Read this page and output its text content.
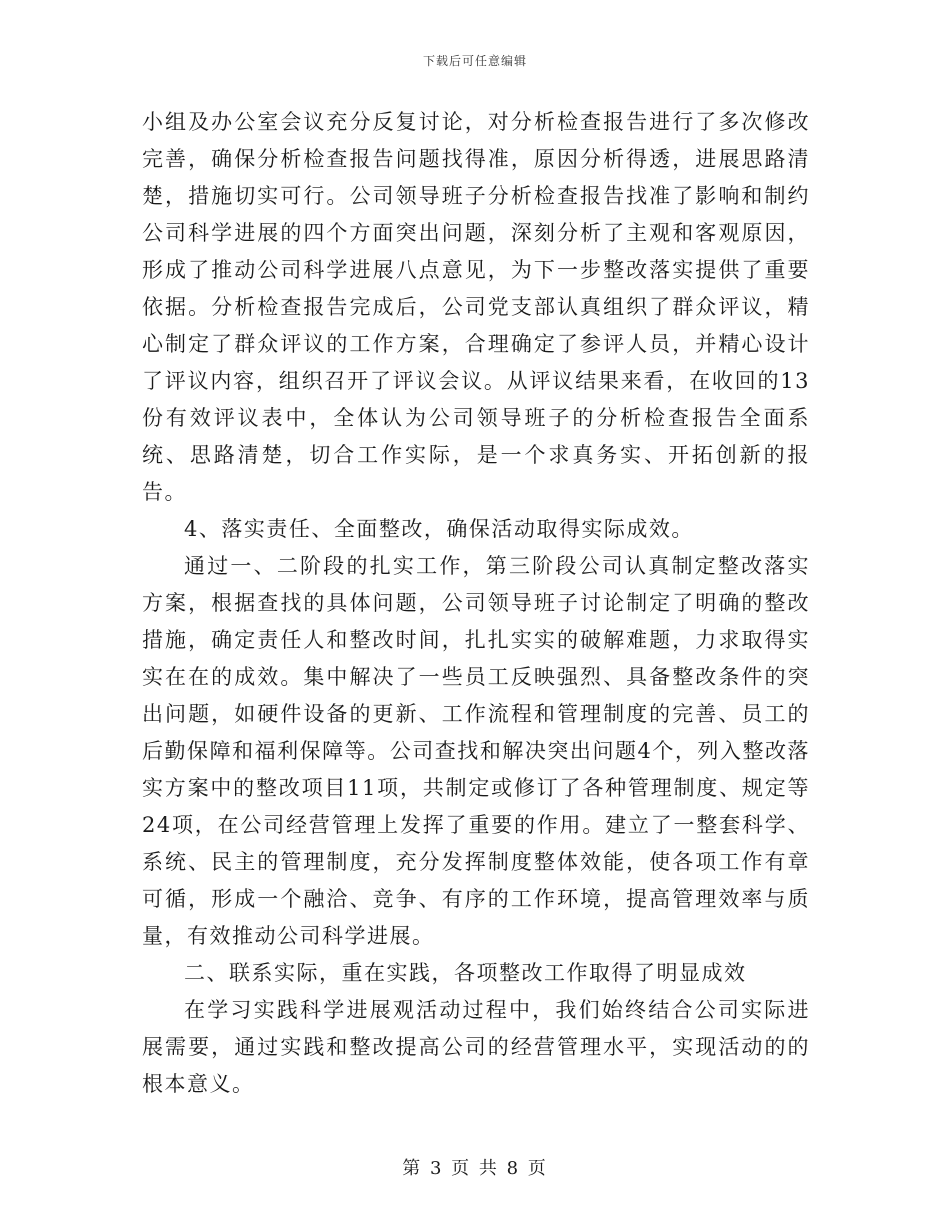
下载后可任意编辑

小组及办公室会议充分反复讨论，对分析检查报告进行了多次修改完善，确保分析检查报告问题找得准，原因分析得透，进展思路清楚，措施切实可行。公司领导班子分析检查报告找准了影响和制约公司科学进展的四个方面突出问题，深刻分析了主观和客观原因，形成了推动公司科学进展八点意见，为下一步整改落实提供了重要依据。分析检查报告完成后，公司党支部认真组织了群众评议，精心制定了群众评议的工作方案，合理确定了参评人员，并精心设计了评议内容，组织召开了评议会议。从评议结果来看，在收回的13份有效评议表中，全体认为公司领导班子的分析检查报告全面系统、思路清楚，切合工作实际，是一个求真务实、开拓创新的报告。

4、落实责任、全面整改，确保活动取得实际成效。

通过一、二阶段的扎实工作，第三阶段公司认真制定整改落实方案，根据查找的具体问题，公司领导班子讨论制定了明确的整改措施，确定责任人和整改时间，扎扎实实的破解难题，力求取得实实在在的成效。集中解决了一些员工反映强烈、具备整改条件的突出问题，如硬件设备的更新、工作流程和管理制度的完善、员工的后勤保障和福利保障等。公司查找和解决突出问题4个，列入整改落实方案中的整改项目11项，共制定或修订了各种管理制度、规定等24项，在公司经营管理上发挥了重要的作用。建立了一整套科学、系统、民主的管理制度，充分发挥制度整体效能，使各项工作有章可循，形成一个融洽、竞争、有序的工作环境，提高管理效率与质量，有效推动公司科学进展。

二、联系实际，重在实践，各项整改工作取得了明显成效

在学习实践科学进展观活动过程中，我们始终结合公司实际进展需要，通过实践和整改提高公司的经营管理水平，实现活动的的根本意义。

第 3 页 共 8 页
